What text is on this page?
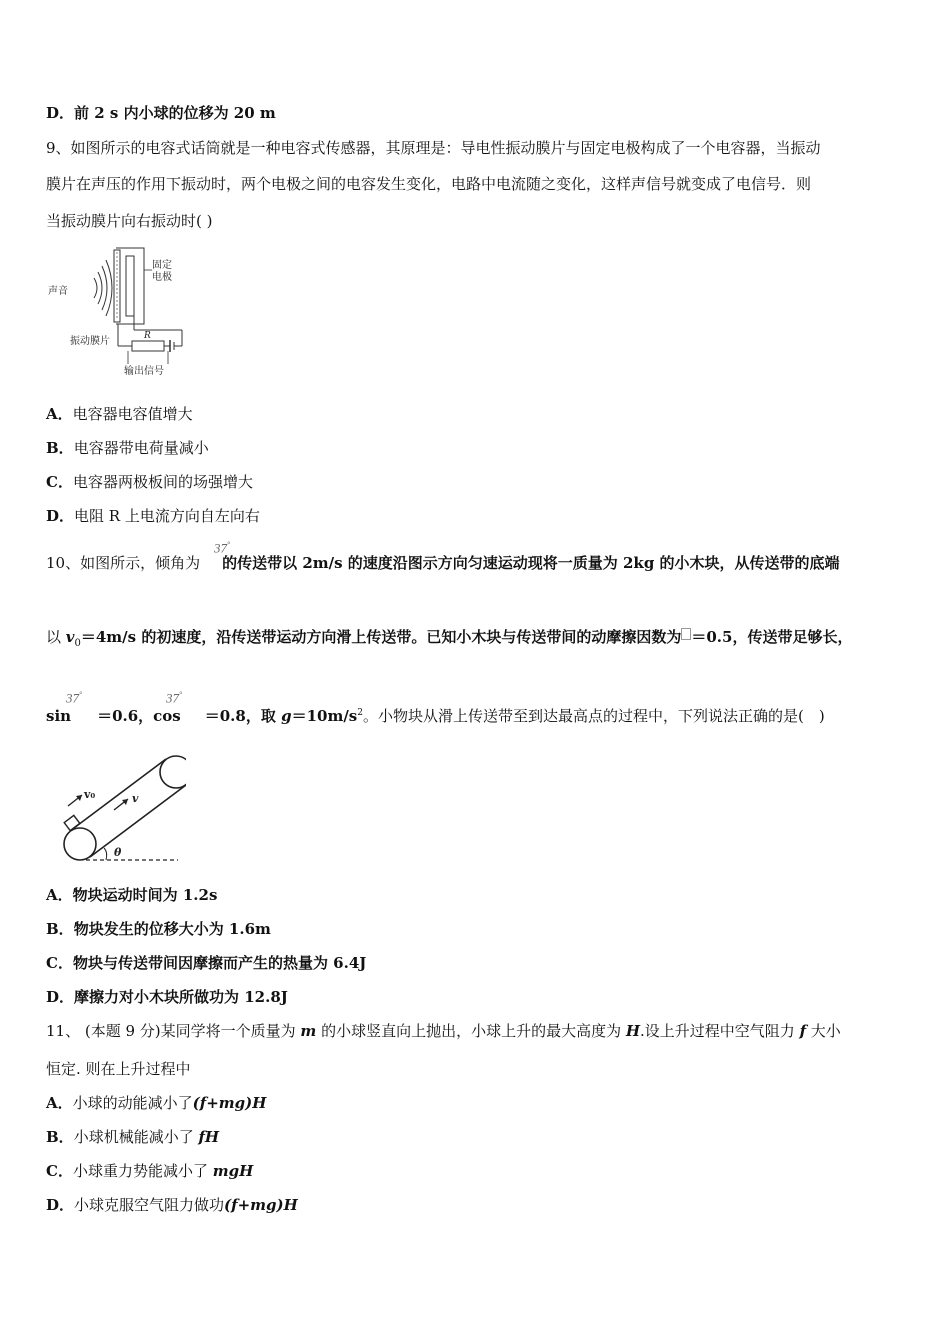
D．前 2 s 内小球的位移为 20 m
9、如图所示的电容式话筒就是一种电容式传感器，其原理是：导电性振动膜片与固定电极构成了一个电容器，当振动
膜片在声压的作用下振动时，两个电极之间的电容发生变化，电路中电流随之变化，这样声信号就变成了电信号．则
当振动膜片向右振动时( )
声音
固定
电极
振动膜片	R
输出信号
A．电容器电容值增大
B．电容器带电荷量减小
C．电容器两极板间的场强增大
D．电阻 R 上电流方向自左向右
10、如图所示，倾角为 的传送带以 2m/s 的速度沿图示方向匀速运动现将一质量为 2kg 的小木块，从传送带的底端
37°
以 $v_0=4m/s$ 的初速度，沿传送带运动方向滑上传送带。已知小木块与传送带间的动摩擦因数为 ＝0.5，传送带足够长，
sin ＝0.6，cos ＝0.8，取 $g=10m/s^2$。小物块从滑上传送带至到达最高点的过程中，下列说法正确的是(　)
37°	37°
v₀	v
θ
A．物块运动时间为 1.2s
B．物块发生的位移大小为 1.6m
C．物块与传送带间因摩擦而产生的热量为 6.4J
D．摩擦力对小木块所做功为 12.8J
11、 (本题 9 分)某同学将一个质量为 m 的小球竖直向上抛出，小球上升的最大高度为 H.设上升过程中空气阻力 f 大小
恒定. 则在上升过程中
A．小球的动能减小了(f+mg)H
B．小球机械能减小了 fH
C．小球重力势能减小了 mgH
D．小球克服空气阻力做功(f+mg)H
